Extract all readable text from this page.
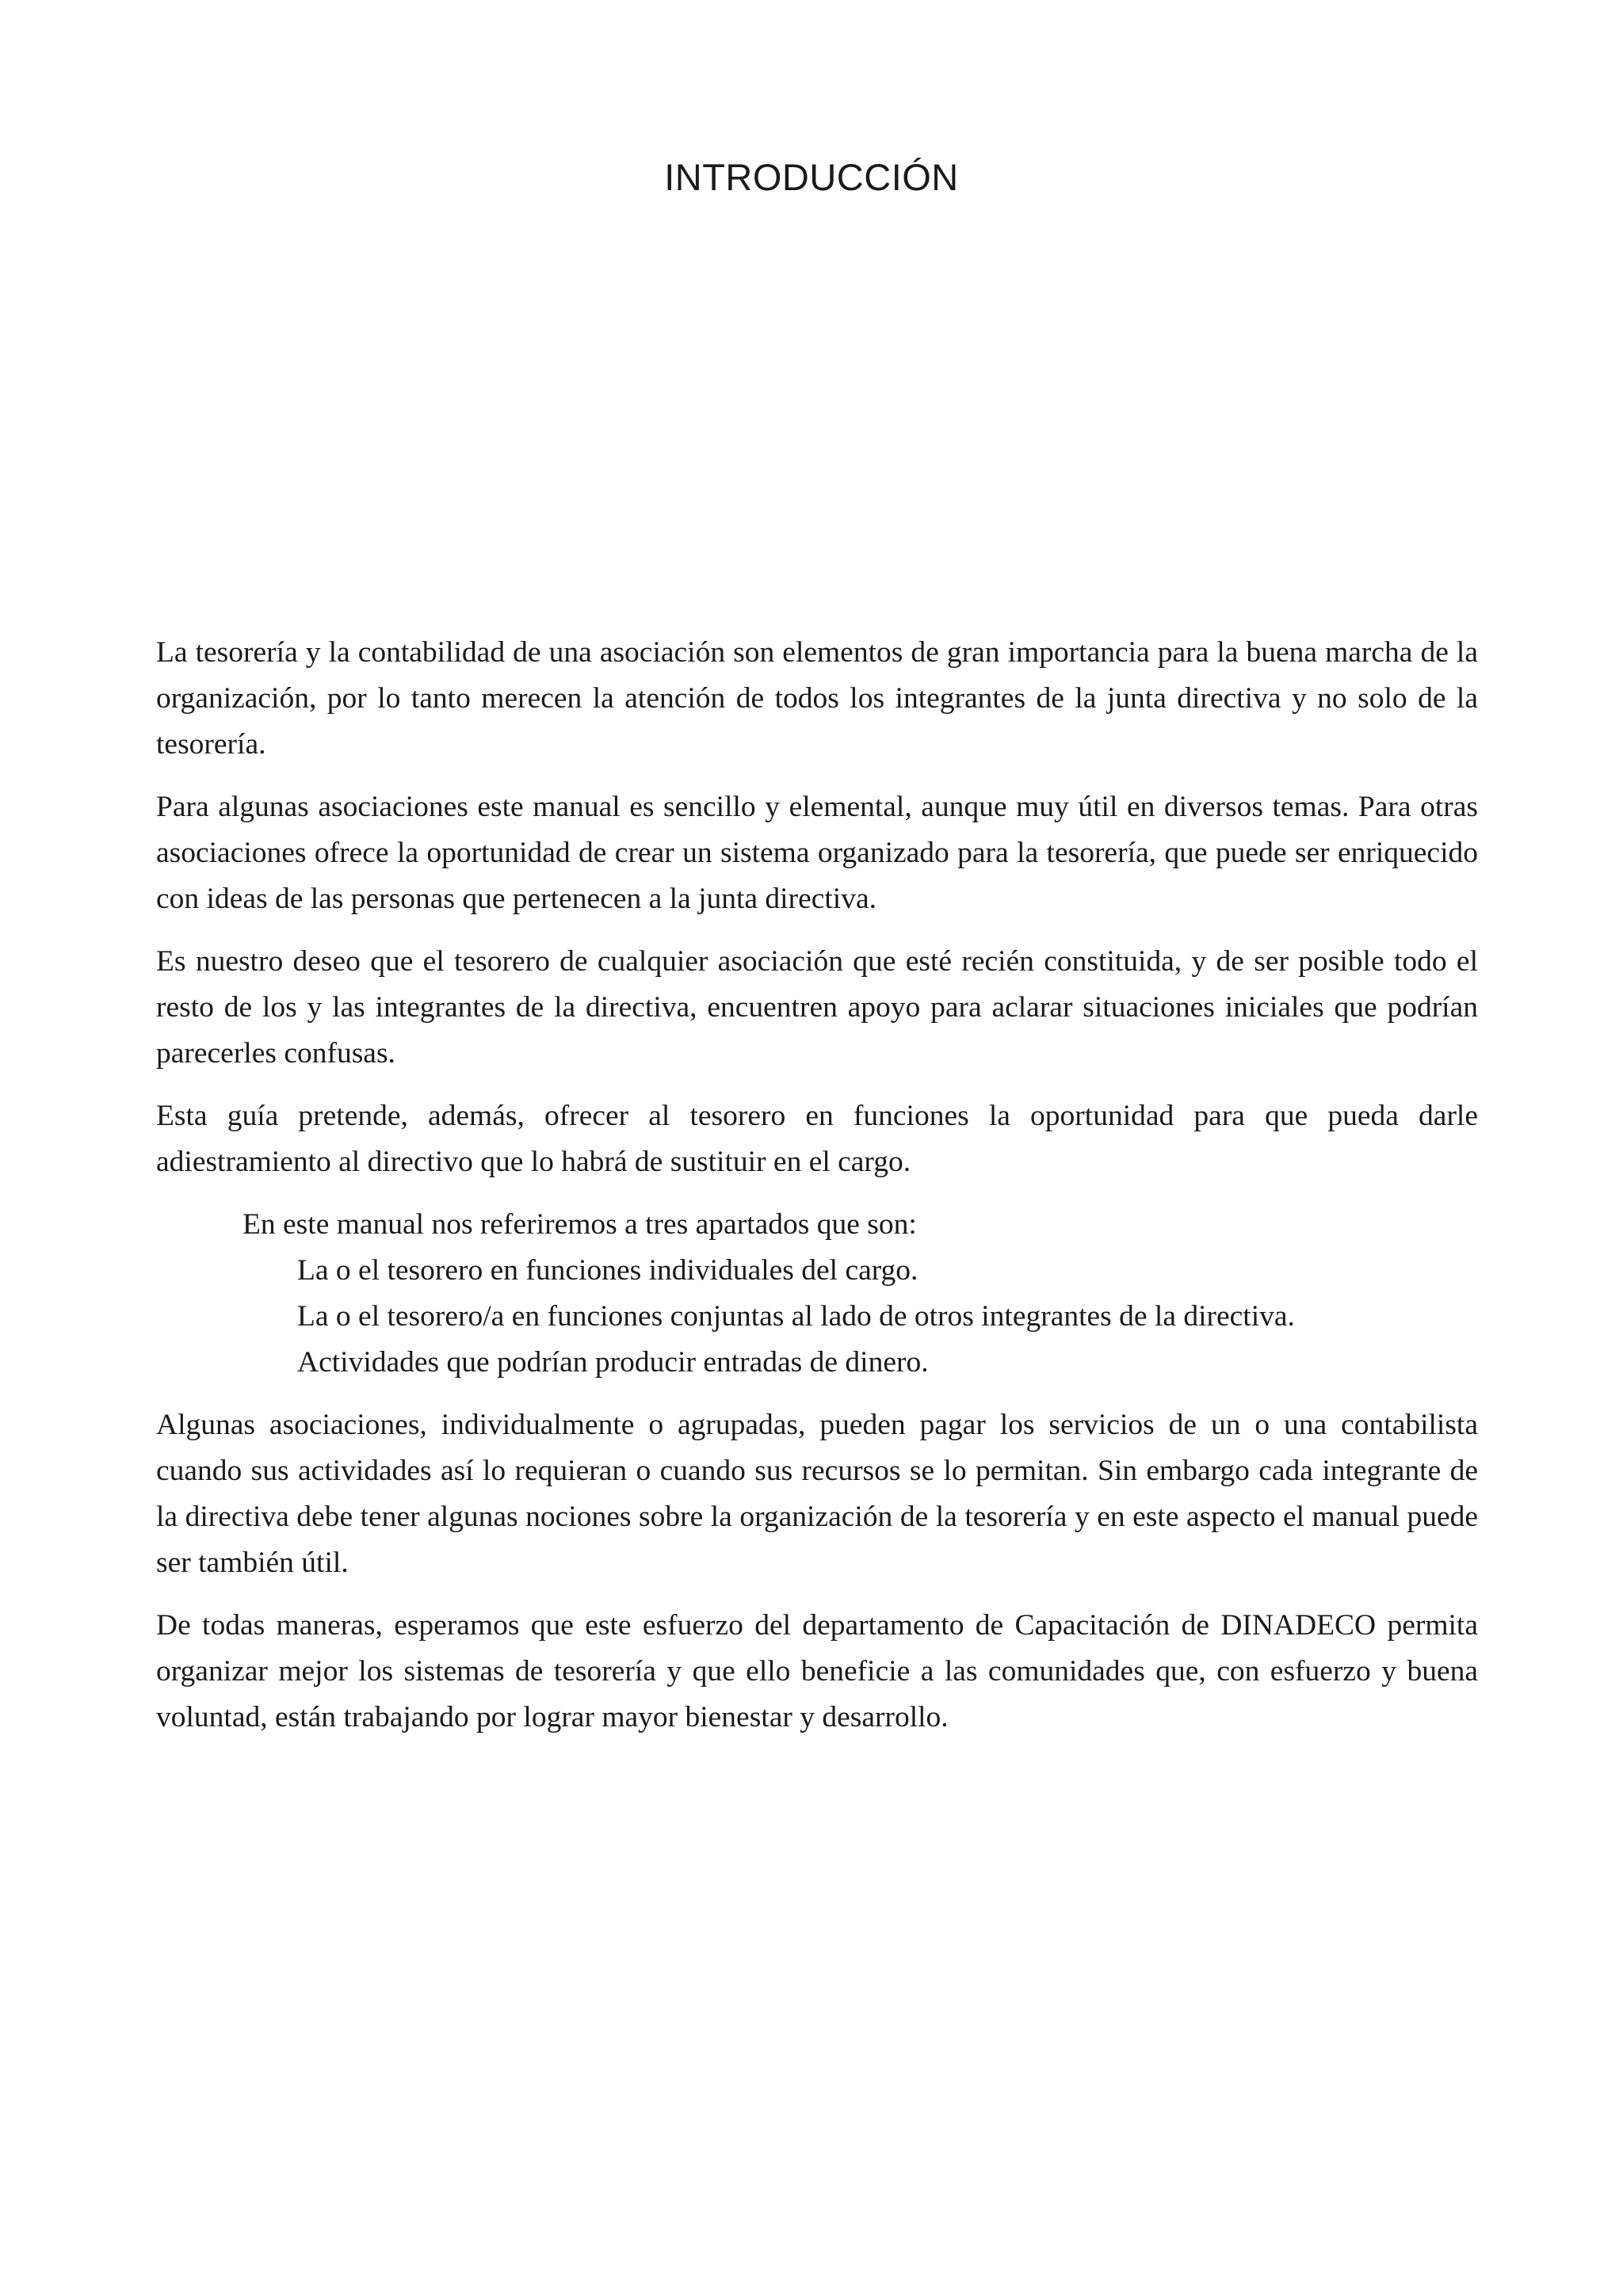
INTRODUCCIÓN

La tesorería y la contabilidad de una asociación son elementos de gran importancia para la buena marcha de la organización, por lo tanto merecen la atención de todos los integrantes de la junta directiva y no solo de la tesorería.

Para algunas asociaciones este manual es sencillo y elemental, aunque muy útil en diversos temas. Para otras asociaciones ofrece la oportunidad de crear un sistema organizado para la tesorería, que puede ser enriquecido con ideas de las personas que pertenecen a la junta directiva.

Es nuestro deseo que el tesorero de cualquier asociación que esté recién constituida, y de ser posible todo el resto de los y las integrantes de la directiva, encuentren apoyo para aclarar situaciones iniciales que podrían parecerles confusas.

Esta guía pretende, además, ofrecer al tesorero en funciones la oportunidad para que pueda darle adiestramiento al directivo que lo habrá de sustituir en el cargo.

En este manual nos referiremos a tres apartados que son:

La o el tesorero en funciones individuales del cargo.

La o el tesorero/a en funciones conjuntas al lado de otros integrantes de la directiva.

Actividades que podrían producir entradas de dinero.

Algunas asociaciones, individualmente o agrupadas, pueden pagar los servicios de un o una contabilista cuando sus actividades así lo requieran o cuando sus recursos se lo permitan. Sin embargo cada integrante de la directiva debe tener algunas nociones sobre la organización de la tesorería y en este aspecto el manual puede ser también útil.

De todas maneras, esperamos que este esfuerzo del departamento de Capacitación de DINADECO permita organizar mejor los sistemas de tesorería y que ello beneficie a las comunidades que, con esfuerzo y buena voluntad, están trabajando por lograr mayor bienestar y desarrollo.
